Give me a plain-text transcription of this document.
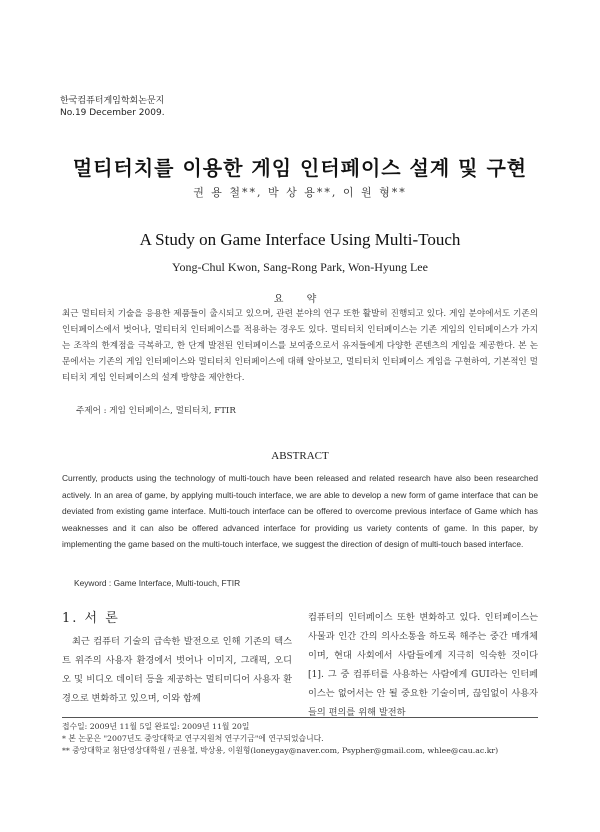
한국컴퓨터게임학회논문지
No.19 December 2009.
멀티터치를 이용한 게임 인터페이스 설계 및 구현
권 용 철**, 박 상 용**, 이 원 형**
A Study on Game Interface Using Multi-Touch
Yong-Chul Kwon, Sang-Rong Park, Won-Hyung Lee
요 약
최근 멀티터치 기술을 응용한 제품들이 출시되고 있으며, 관련 분야의 연구 또한 활발히 진행되고 있다. 게임 분야에서도 기존의 인터페이스에서 벗어나, 멀티터치 인터페이스를 적용하는 경우도 있다. 멀티터치 인터페이스는 기존 게임의 인터페이스가 가지는 조작의 한계점을 극복하고, 한 단계 발전된 인터페이스를 보여줌으로서 유저들에게 다양한 콘텐츠의 게임을 제공한다. 본 논문에서는 기존의 게임 인터페이스와 멀티터치 인터페이스에 대해 알아보고, 멀티터치 인터페이스 게임을 구현하여, 기본적인 멀티터치 게임 인터페이스의 설계 방향을 제안한다.
주제어 : 게임 인터페이스, 멀티터치, FTIR
ABSTRACT
Currently, products using the technology of multi-touch have been released and related research have also been researched actively. In an area of game, by applying multi-touch interface, we are able to develop a new form of game interface that can be deviated from existing game interface. Multi-touch interface can be offered to overcome previous interface of Game which has weaknesses and it can also be offered advanced interface for providing us variety contents of game. In this paper, by implementing the game based on the multi-touch interface, we suggest the direction of design of multi-touch based interface.
Keyword : Game Interface, Multi-touch, FTIR
1. 서 론
최근 컴퓨터 기술의 급속한 발전으로 인해 기존의 텍스트 위주의 사용자 환경에서 벗어나 이미지, 그래픽, 오디오 및 비디오 데이터 등을 제공하는 멀티미디어 사용자 환경으로 변화하고 있으며, 이와 함께
컴퓨터의 인터페이스 또한 변화하고 있다. 인터페이스는 사물과 인간 간의 의사소통을 하도록 해주는 중간 매개체이며, 현대 사회에서 사람들에게 지극히 익숙한 것이다[1]. 그 중 컴퓨터를 사용하는 사람에게 GUI라는 인터페이스는 없어서는 안 될 중요한 기술이며, 끊임없이 사용자들의 편의를 위해 발전하
접수일: 2009년 11월 5일 완료일: 2009년 11월 20일
* 본 논문은 "2007년도 중앙대학교 연구지원처 연구기금"에 연구되었습니다.
** 중앙대학교 첨단영상대학원 / 권용철, 박상용, 이원형(loneygay@naver.com, Psypher@gmail.com, whlee@cau.ac.kr)
